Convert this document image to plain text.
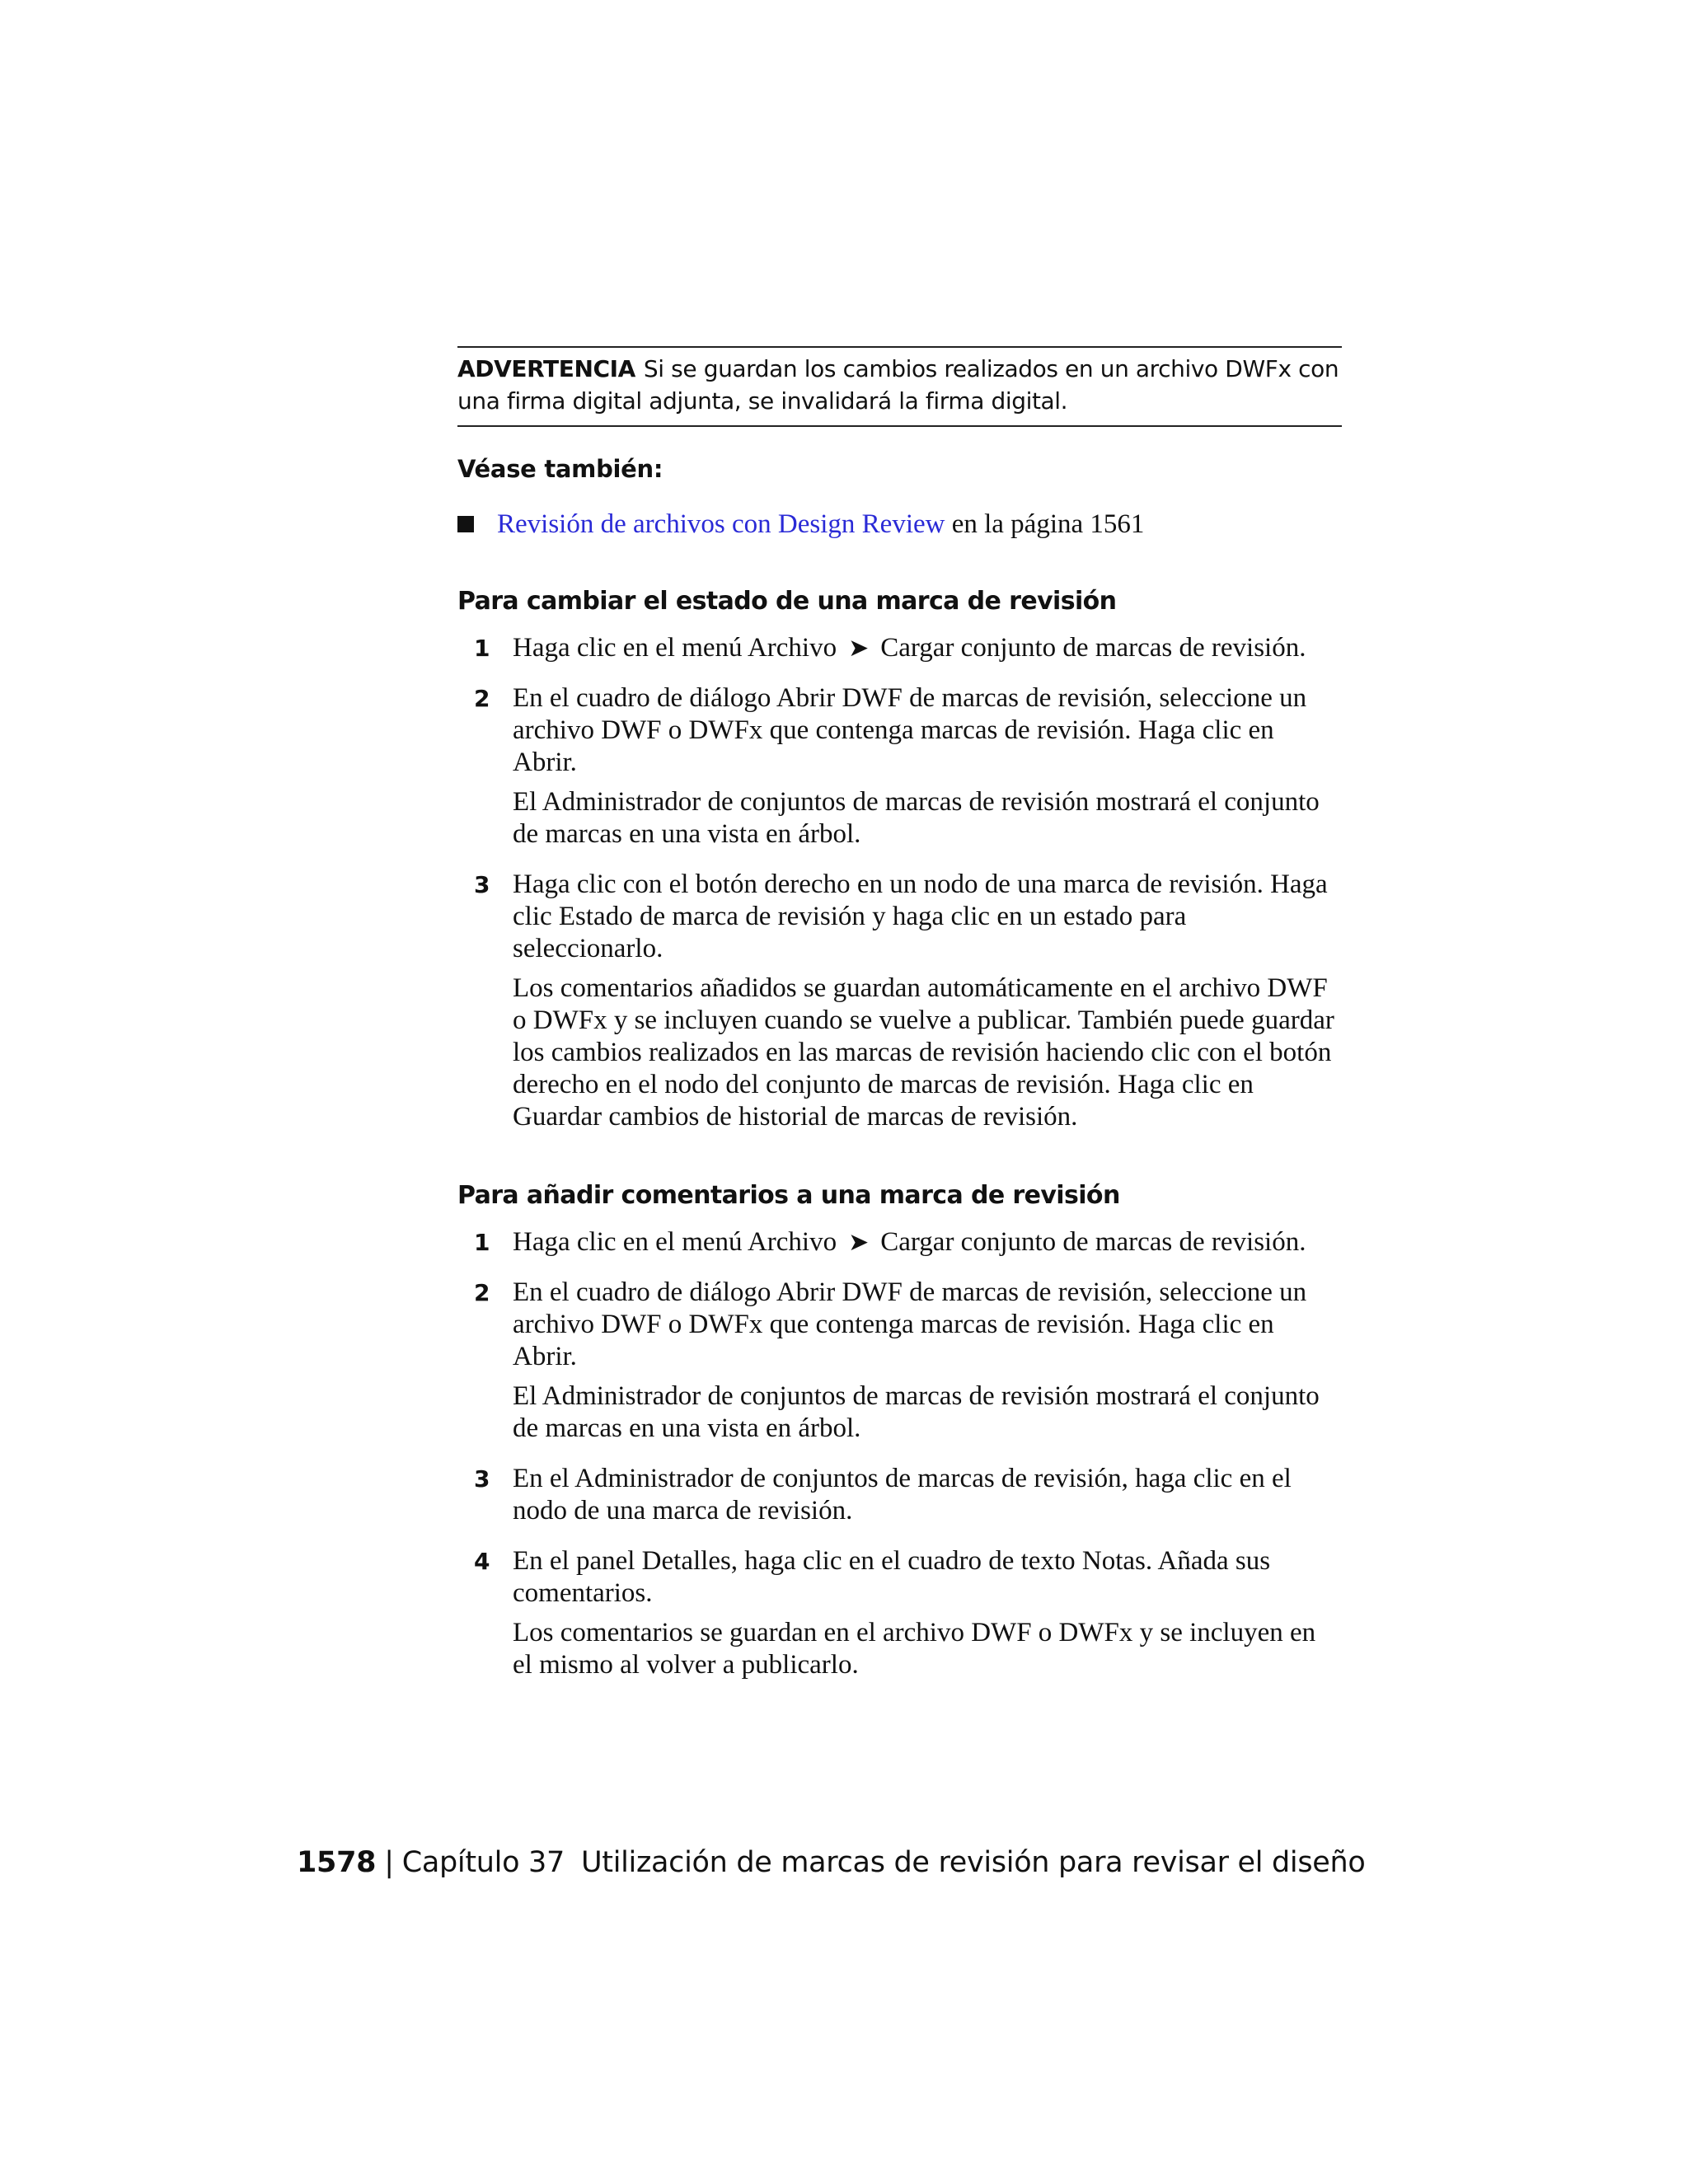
ADVERTENCIA Si se guardan los cambios realizados en un archivo DWFx con una firma digital adjunta, se invalidará la firma digital.
Véase también:
Revisión de archivos con Design Review en la página 1561
Para cambiar el estado de una marca de revisión
1 Haga clic en el menú Archivo ➤ Cargar conjunto de marcas de revisión.
2 En el cuadro de diálogo Abrir DWF de marcas de revisión, seleccione un archivo DWF o DWFx que contenga marcas de revisión. Haga clic en Abrir.
El Administrador de conjuntos de marcas de revisión mostrará el conjunto de marcas en una vista en árbol.
3 Haga clic con el botón derecho en un nodo de una marca de revisión. Haga clic Estado de marca de revisión y haga clic en un estado para seleccionarlo.
Los comentarios añadidos se guardan automáticamente en el archivo DWF o DWFx y se incluyen cuando se vuelve a publicar. También puede guardar los cambios realizados en las marcas de revisión haciendo clic con el botón derecho en el nodo del conjunto de marcas de revisión. Haga clic en Guardar cambios de historial de marcas de revisión.
Para añadir comentarios a una marca de revisión
1 Haga clic en el menú Archivo ➤ Cargar conjunto de marcas de revisión.
2 En el cuadro de diálogo Abrir DWF de marcas de revisión, seleccione un archivo DWF o DWFx que contenga marcas de revisión. Haga clic en Abrir.
El Administrador de conjuntos de marcas de revisión mostrará el conjunto de marcas en una vista en árbol.
3 En el Administrador de conjuntos de marcas de revisión, haga clic en el nodo de una marca de revisión.
4 En el panel Detalles, haga clic en el cuadro de texto Notas. Añada sus comentarios.
Los comentarios se guardan en el archivo DWF o DWFx y se incluyen en el mismo al volver a publicarlo.
1578 | Capítulo 37 Utilización de marcas de revisión para revisar el diseño
